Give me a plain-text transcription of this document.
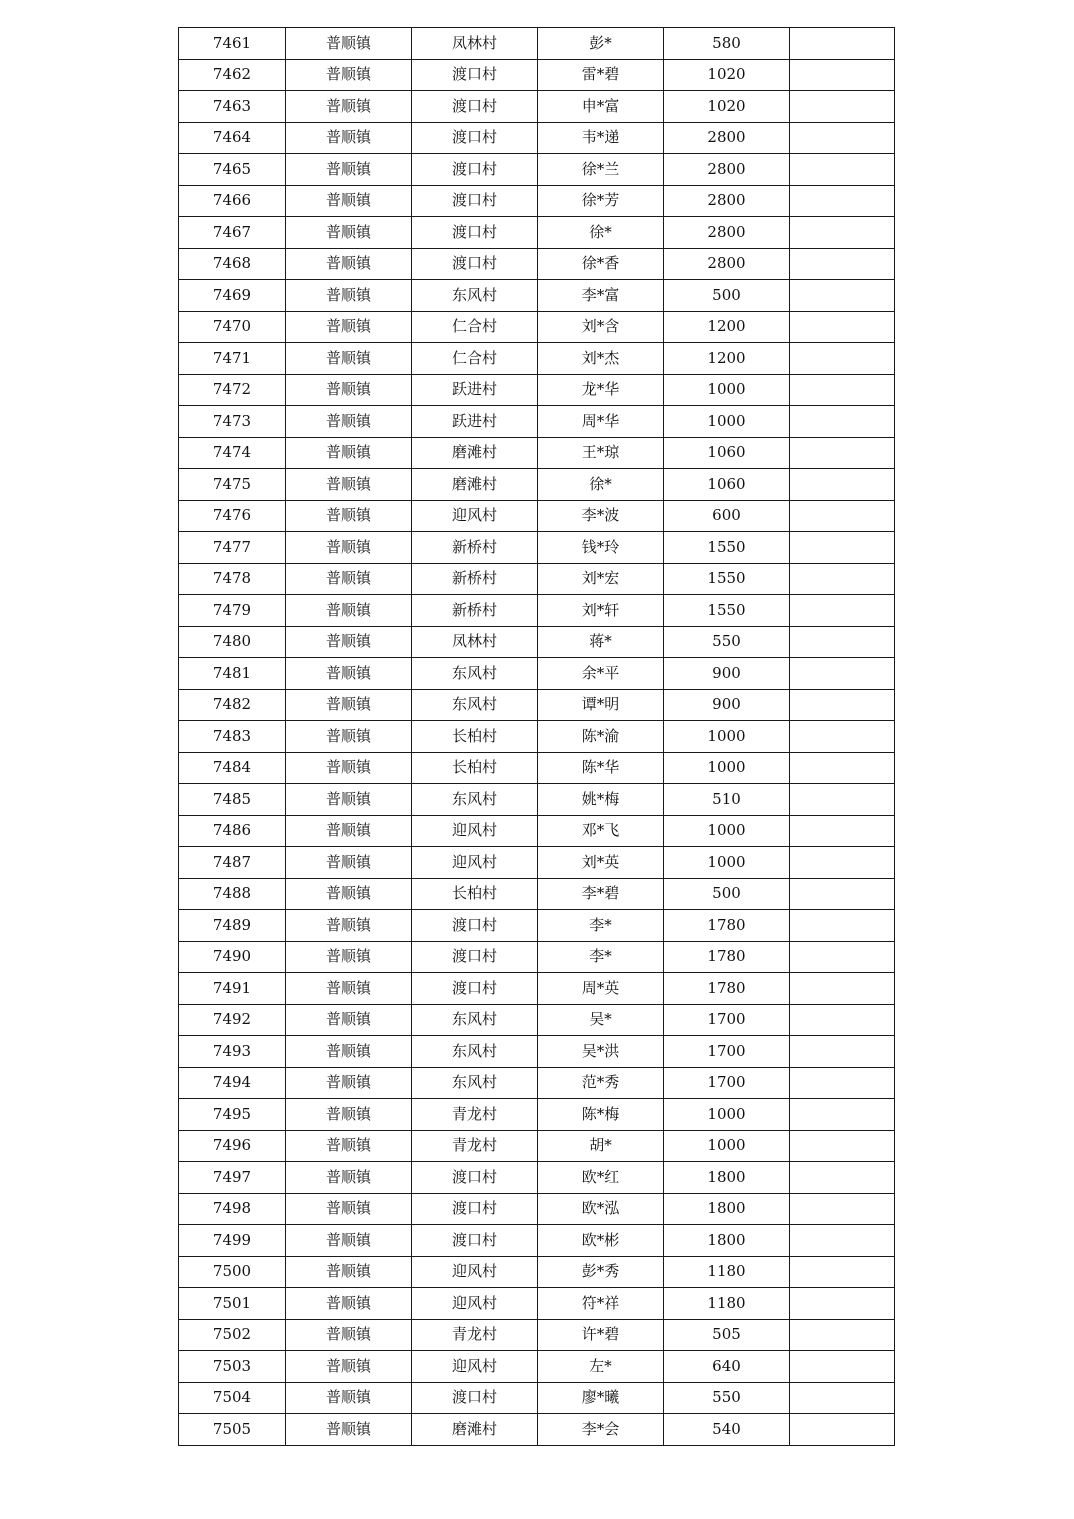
7461	普顺镇	凤林村	彭*	580	
7462	普顺镇	渡口村	雷*碧	1020	
7463	普顺镇	渡口村	申*富	1020	
7464	普顺镇	渡口村	韦*递	2800	
7465	普顺镇	渡口村	徐*兰	2800	
7466	普顺镇	渡口村	徐*芳	2800	
7467	普顺镇	渡口村	徐*	2800	
7468	普顺镇	渡口村	徐*香	2800	
7469	普顺镇	东风村	李*富	500	
7470	普顺镇	仁合村	刘*含	1200	
7471	普顺镇	仁合村	刘*杰	1200	
7472	普顺镇	跃进村	龙*华	1000	
7473	普顺镇	跃进村	周*华	1000	
7474	普顺镇	磨滩村	王*琼	1060	
7475	普顺镇	磨滩村	徐*	1060	
7476	普顺镇	迎风村	李*波	600	
7477	普顺镇	新桥村	钱*玲	1550	
7478	普顺镇	新桥村	刘*宏	1550	
7479	普顺镇	新桥村	刘*轩	1550	
7480	普顺镇	凤林村	蒋*	550	
7481	普顺镇	东风村	余*平	900	
7482	普顺镇	东风村	谭*明	900	
7483	普顺镇	长柏村	陈*渝	1000	
7484	普顺镇	长柏村	陈*华	1000	
7485	普顺镇	东风村	姚*梅	510	
7486	普顺镇	迎风村	邓*飞	1000	
7487	普顺镇	迎风村	刘*英	1000	
7488	普顺镇	长柏村	李*碧	500	
7489	普顺镇	渡口村	李*	1780	
7490	普顺镇	渡口村	李*	1780	
7491	普顺镇	渡口村	周*英	1780	
7492	普顺镇	东风村	吴*	1700	
7493	普顺镇	东风村	吴*洪	1700	
7494	普顺镇	东风村	范*秀	1700	
7495	普顺镇	青龙村	陈*梅	1000	
7496	普顺镇	青龙村	胡*	1000	
7497	普顺镇	渡口村	欧*红	1800	
7498	普顺镇	渡口村	欧*泓	1800	
7499	普顺镇	渡口村	欧*彬	1800	
7500	普顺镇	迎风村	彭*秀	1180	
7501	普顺镇	迎风村	符*祥	1180	
7502	普顺镇	青龙村	许*碧	505	
7503	普顺镇	迎风村	左*	640	
7504	普顺镇	渡口村	廖*曦	550	
7505	普顺镇	磨滩村	李*会	540	
